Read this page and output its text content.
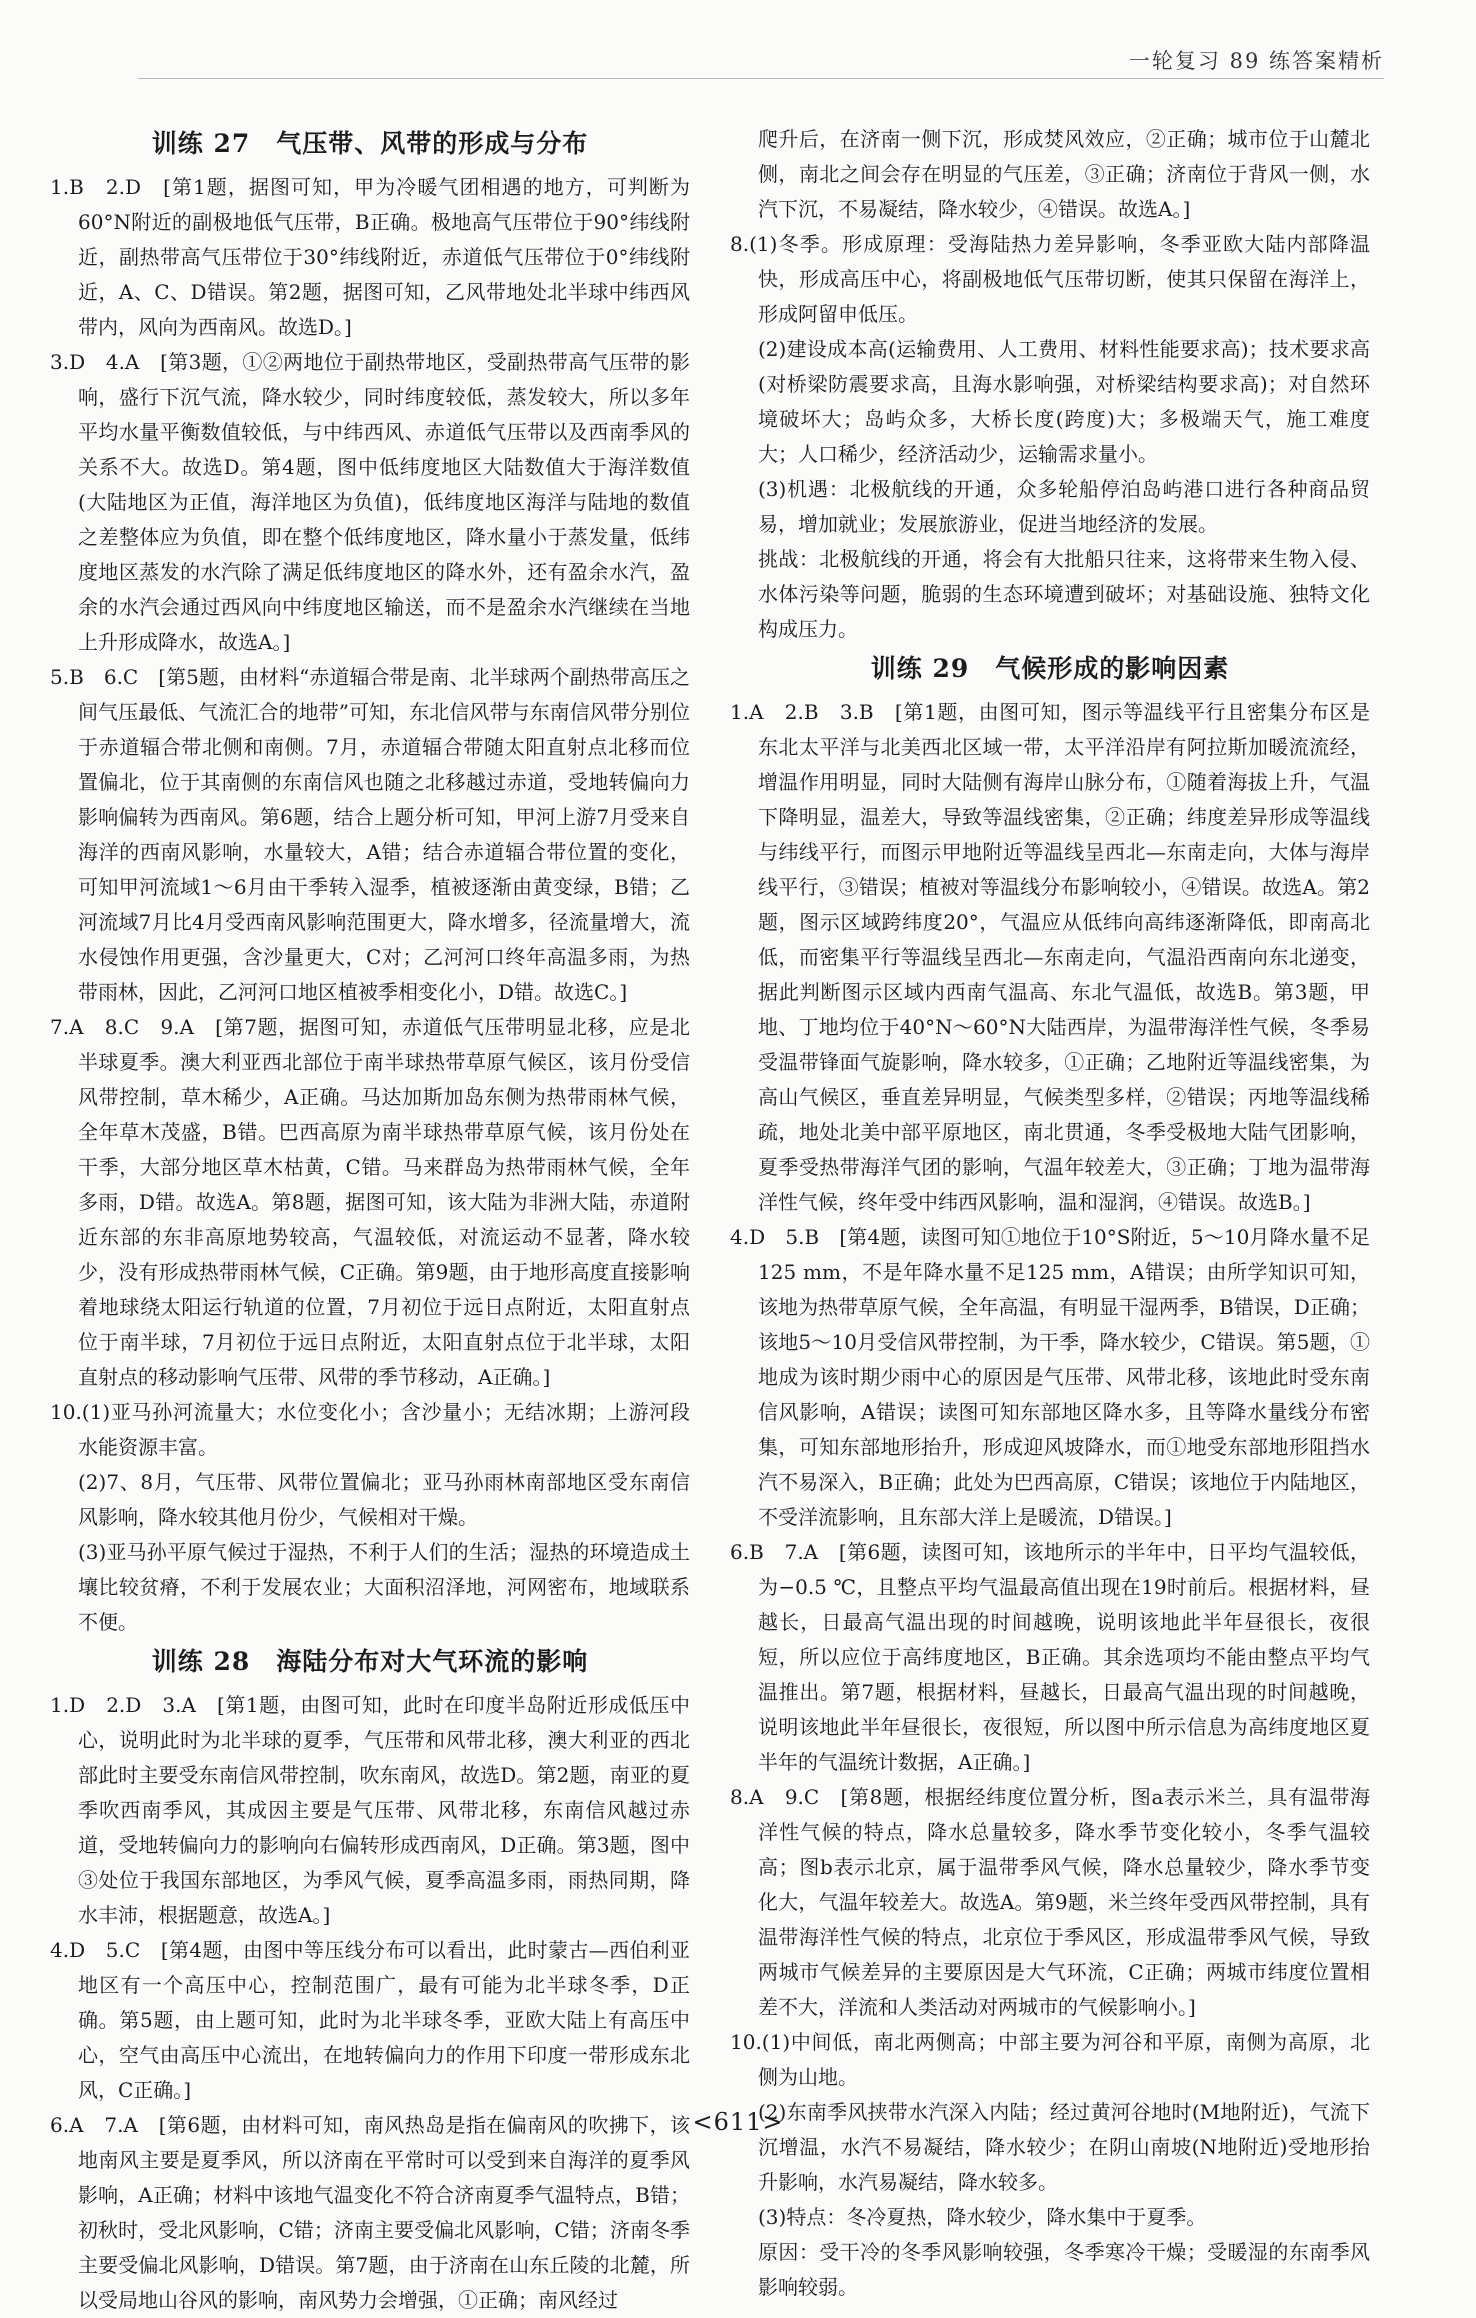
一轮复习 89 练答案精析
训练 27　气压带、风带的形成与分布

1.B　2.D　[第1题，据图可知，甲为冷暖气团相遇的地方，可判断为60°N附近的副极地低气压带，B正确。极地高气压带位于90°纬线附近，副热带高气压带位于30°纬线附近，赤道低气压带位于0°纬线附近，A、C、D错误。第2题，据图可知，乙风带地处北半球中纬西风带内，风向为西南风。故选D。]

3.D　4.A　[第3题，①②两地位于副热带地区，受副热带高气压带的影响，盛行下沉气流，降水较少，同时纬度较低，蒸发较大，所以多年平均水量平衡数值较低，与中纬西风、赤道低气压带以及西南季风的关系不大。故选D。第4题，图中低纬度地区大陆数值大于海洋数值(大陆地区为正值，海洋地区为负值)，低纬度地区海洋与陆地的数值之差整体应为负值，即在整个低纬度地区，降水量小于蒸发量，低纬度地区蒸发的水汽除了满足低纬度地区的降水外，还有盈余水汽，盈余的水汽会通过西风向中纬度地区输送，而不是盈余水汽继续在当地上升形成降水，故选A。]

5.B　6.C　[第5题，由材料“赤道辐合带是南、北半球两个副热带高压之间气压最低、气流汇合的地带”可知，东北信风带与东南信风带分别位于赤道辐合带北侧和南侧。7月，赤道辐合带随太阳直射点北移而位置偏北，位于其南侧的东南信风也随之北移越过赤道，受地转偏向力影响偏转为西南风。第6题，结合上题分析可知，甲河上游7月受来自海洋的西南风影响，水量较大，A错；结合赤道辐合带位置的变化，可知甲河流域1～6月由干季转入湿季，植被逐渐由黄变绿，B错；乙河流域7月比4月受西南风影响范围更大，降水增多，径流量增大，流水侵蚀作用更强，含沙量更大，C对；乙河河口终年高温多雨，为热带雨林，因此，乙河河口地区植被季相变化小，D错。故选C。]

7.A　8.C　9.A　[第7题，据图可知，赤道低气压带明显北移，应是北半球夏季。澳大利亚西北部位于南半球热带草原气候区，该月份受信风带控制，草木稀少，A正确。马达加斯加岛东侧为热带雨林气候，全年草木茂盛，B错。巴西高原为南半球热带草原气候，该月份处在干季，大部分地区草木枯黄，C错。马来群岛为热带雨林气候，全年多雨，D错。故选A。第8题，据图可知，该大陆为非洲大陆，赤道附近东部的东非高原地势较高，气温较低，对流运动不显著，降水较少，没有形成热带雨林气候，C正确。第9题，由于地形高度直接影响着地球绕太阳运行轨道的位置，7月初位于远日点附近，太阳直射点位于南半球，7月初位于远日点附近，太阳直射点位于北半球，太阳直射点的移动影响气压带、风带的季节移动，A正确。]

10.(1)亚马孙河流量大；水位变化小；含沙量小；无结冰期；上游河段水能资源丰富。

(2)7、8月，气压带、风带位置偏北；亚马孙雨林南部地区受东南信风影响，降水较其他月份少，气候相对干燥。

(3)亚马孙平原气候过于湿热，不利于人们的生活；湿热的环境造成土壤比较贫瘠，不利于发展农业；大面积沼泽地，河网密布，地域联系不便。

训练 28　海陆分布对大气环流的影响

1.D　2.D　3.A　[第1题，由图可知，此时在印度半岛附近形成低压中心，说明此时为北半球的夏季，气压带和风带北移，澳大利亚的西北部此时主要受东南信风带控制，吹东南风，故选D。第2题，南亚的夏季吹西南季风，其成因主要是气压带、风带北移，东南信风越过赤道，受地转偏向力的影响向右偏转形成西南风，D正确。第3题，图中③处位于我国东部地区，为季风气候，夏季高温多雨，雨热同期，降水丰沛，根据题意，故选A。]

4.D　5.C　[第4题，由图中等压线分布可以看出，此时蒙古—西伯利亚地区有一个高压中心，控制范围广，最有可能为北半球冬季，D正确。第5题，由上题可知，此时为北半球冬季，亚欧大陆上有高压中心，空气由高压中心流出，在地转偏向力的作用下印度一带形成东北风，C正确。]

6.A　7.A　[第6题，由材料可知，南风热岛是指在偏南风的吹拂下，该地南风主要是夏季风，所以济南在平常时可以受到来自海洋的夏季风影响，A正确；材料中该地气温变化不符合济南夏季气温特点，B错；初秋时，受北风影响，C错；济南主要受偏北风影响，C错；济南冬季主要受偏北风影响，D错误。第7题，由于济南在山东丘陵的北麓，所以受局地山谷风的影响，南风势力会增强，①正确；南风经过

爬升后，在济南一侧下沉，形成焚风效应，②正确；城市位于山麓北侧，南北之间会存在明显的气压差，③正确；济南位于背风一侧，水汽下沉，不易凝结，降水较少，④错误。故选A。]

8.(1)冬季。形成原理：受海陆热力差异影响，冬季亚欧大陆内部降温快，形成高压中心，将副极地低气压带切断，使其只保留在海洋上，形成阿留申低压。

(2)建设成本高(运输费用、人工费用、材料性能要求高)；技术要求高(对桥梁防震要求高，且海水影响强，对桥梁结构要求高)；对自然环境破坏大；岛屿众多，大桥长度(跨度)大；多极端天气，施工难度大；人口稀少，经济活动少，运输需求量小。

(3)机遇：北极航线的开通，众多轮船停泊岛屿港口进行各种商品贸易，增加就业；发展旅游业，促进当地经济的发展。

挑战：北极航线的开通，将会有大批船只往来，这将带来生物入侵、水体污染等问题，脆弱的生态环境遭到破坏；对基础设施、独特文化构成压力。

训练 29　气候形成的影响因素

1.A　2.B　3.B　[第1题，由图可知，图示等温线平行且密集分布区是东北太平洋与北美西北区域一带，太平洋沿岸有阿拉斯加暖流流经，增温作用明显，同时大陆侧有海岸山脉分布，①随着海拔上升，气温下降明显，温差大，导致等温线密集，②正确；纬度差异形成等温线与纬线平行，而图示甲地附近等温线呈西北—东南走向，大体与海岸线平行，③错误；植被对等温线分布影响较小，④错误。故选A。第2题，图示区域跨纬度20°，气温应从低纬向高纬逐渐降低，即南高北低，而密集平行等温线呈西北—东南走向，气温沿西南向东北递变，据此判断图示区域内西南气温高、东北气温低，故选B。第3题，甲地、丁地均位于40°N～60°N大陆西岸，为温带海洋性气候，冬季易受温带锋面气旋影响，降水较多，①正确；乙地附近等温线密集，为高山气候区，垂直差异明显，气候类型多样，②错误；丙地等温线稀疏，地处北美中部平原地区，南北贯通，冬季受极地大陆气团影响，夏季受热带海洋气团的影响，气温年较差大，③正确；丁地为温带海洋性气候，终年受中纬西风影响，温和湿润，④错误。故选B。]

4.D　5.B　[第4题，读图可知①地位于10°S附近，5～10月降水量不足125 mm，不是年降水量不足125 mm，A错误；由所学知识可知，该地为热带草原气候，全年高温，有明显干湿两季，B错误，D正确；该地5～10月受信风带控制，为干季，降水较少，C错误。第5题，①地成为该时期少雨中心的原因是气压带、风带北移，该地此时受东南信风影响，A错误；读图可知东部地区降水多，且等降水量线分布密集，可知东部地形抬升，形成迎风坡降水，而①地受东部地形阻挡水汽不易深入，B正确；此处为巴西高原，C错误；该地位于内陆地区，不受洋流影响，且东部大洋上是暖流，D错误。]

6.B　7.A　[第6题，读图可知，该地所示的半年中，日平均气温较低，为−0.5 ℃，且整点平均气温最高值出现在19时前后。根据材料，昼越长，日最高气温出现的时间越晚，说明该地此半年昼很长，夜很短，所以应位于高纬度地区，B正确。其余选项均不能由整点平均气温推出。第7题，根据材料，昼越长，日最高气温出现的时间越晚，说明该地此半年昼很长，夜很短，所以图中所示信息为高纬度地区夏半年的气温统计数据，A正确。]

8.A　9.C　[第8题，根据经纬度位置分析，图a表示米兰，具有温带海洋性气候的特点，降水总量较多，降水季节变化较小，冬季气温较高；图b表示北京，属于温带季风气候，降水总量较少，降水季节变化大，气温年较差大。故选A。第9题，米兰终年受西风带控制，具有温带海洋性气候的特点，北京位于季风区，形成温带季风气候，导致两城市气候差异的主要原因是大气环流，C正确；两城市纬度位置相差不大，洋流和人类活动对两城市的气候影响小。]

10.(1)中间低，南北两侧高；中部主要为河谷和平原，南侧为高原，北侧为山地。

(2)东南季风挟带水汽深入内陆；经过黄河谷地时(M地附近)，气流下沉增温，水汽不易凝结，降水较少；在阴山南坡(N地附近)受地形抬升影响，水汽易凝结，降水较多。

(3)特点：冬冷夏热，降水较少，降水集中于夏季。

原因：受干冷的冬季风影响较强，冬季寒冷干燥；受暖湿的东南季风影响较弱。

<611>
